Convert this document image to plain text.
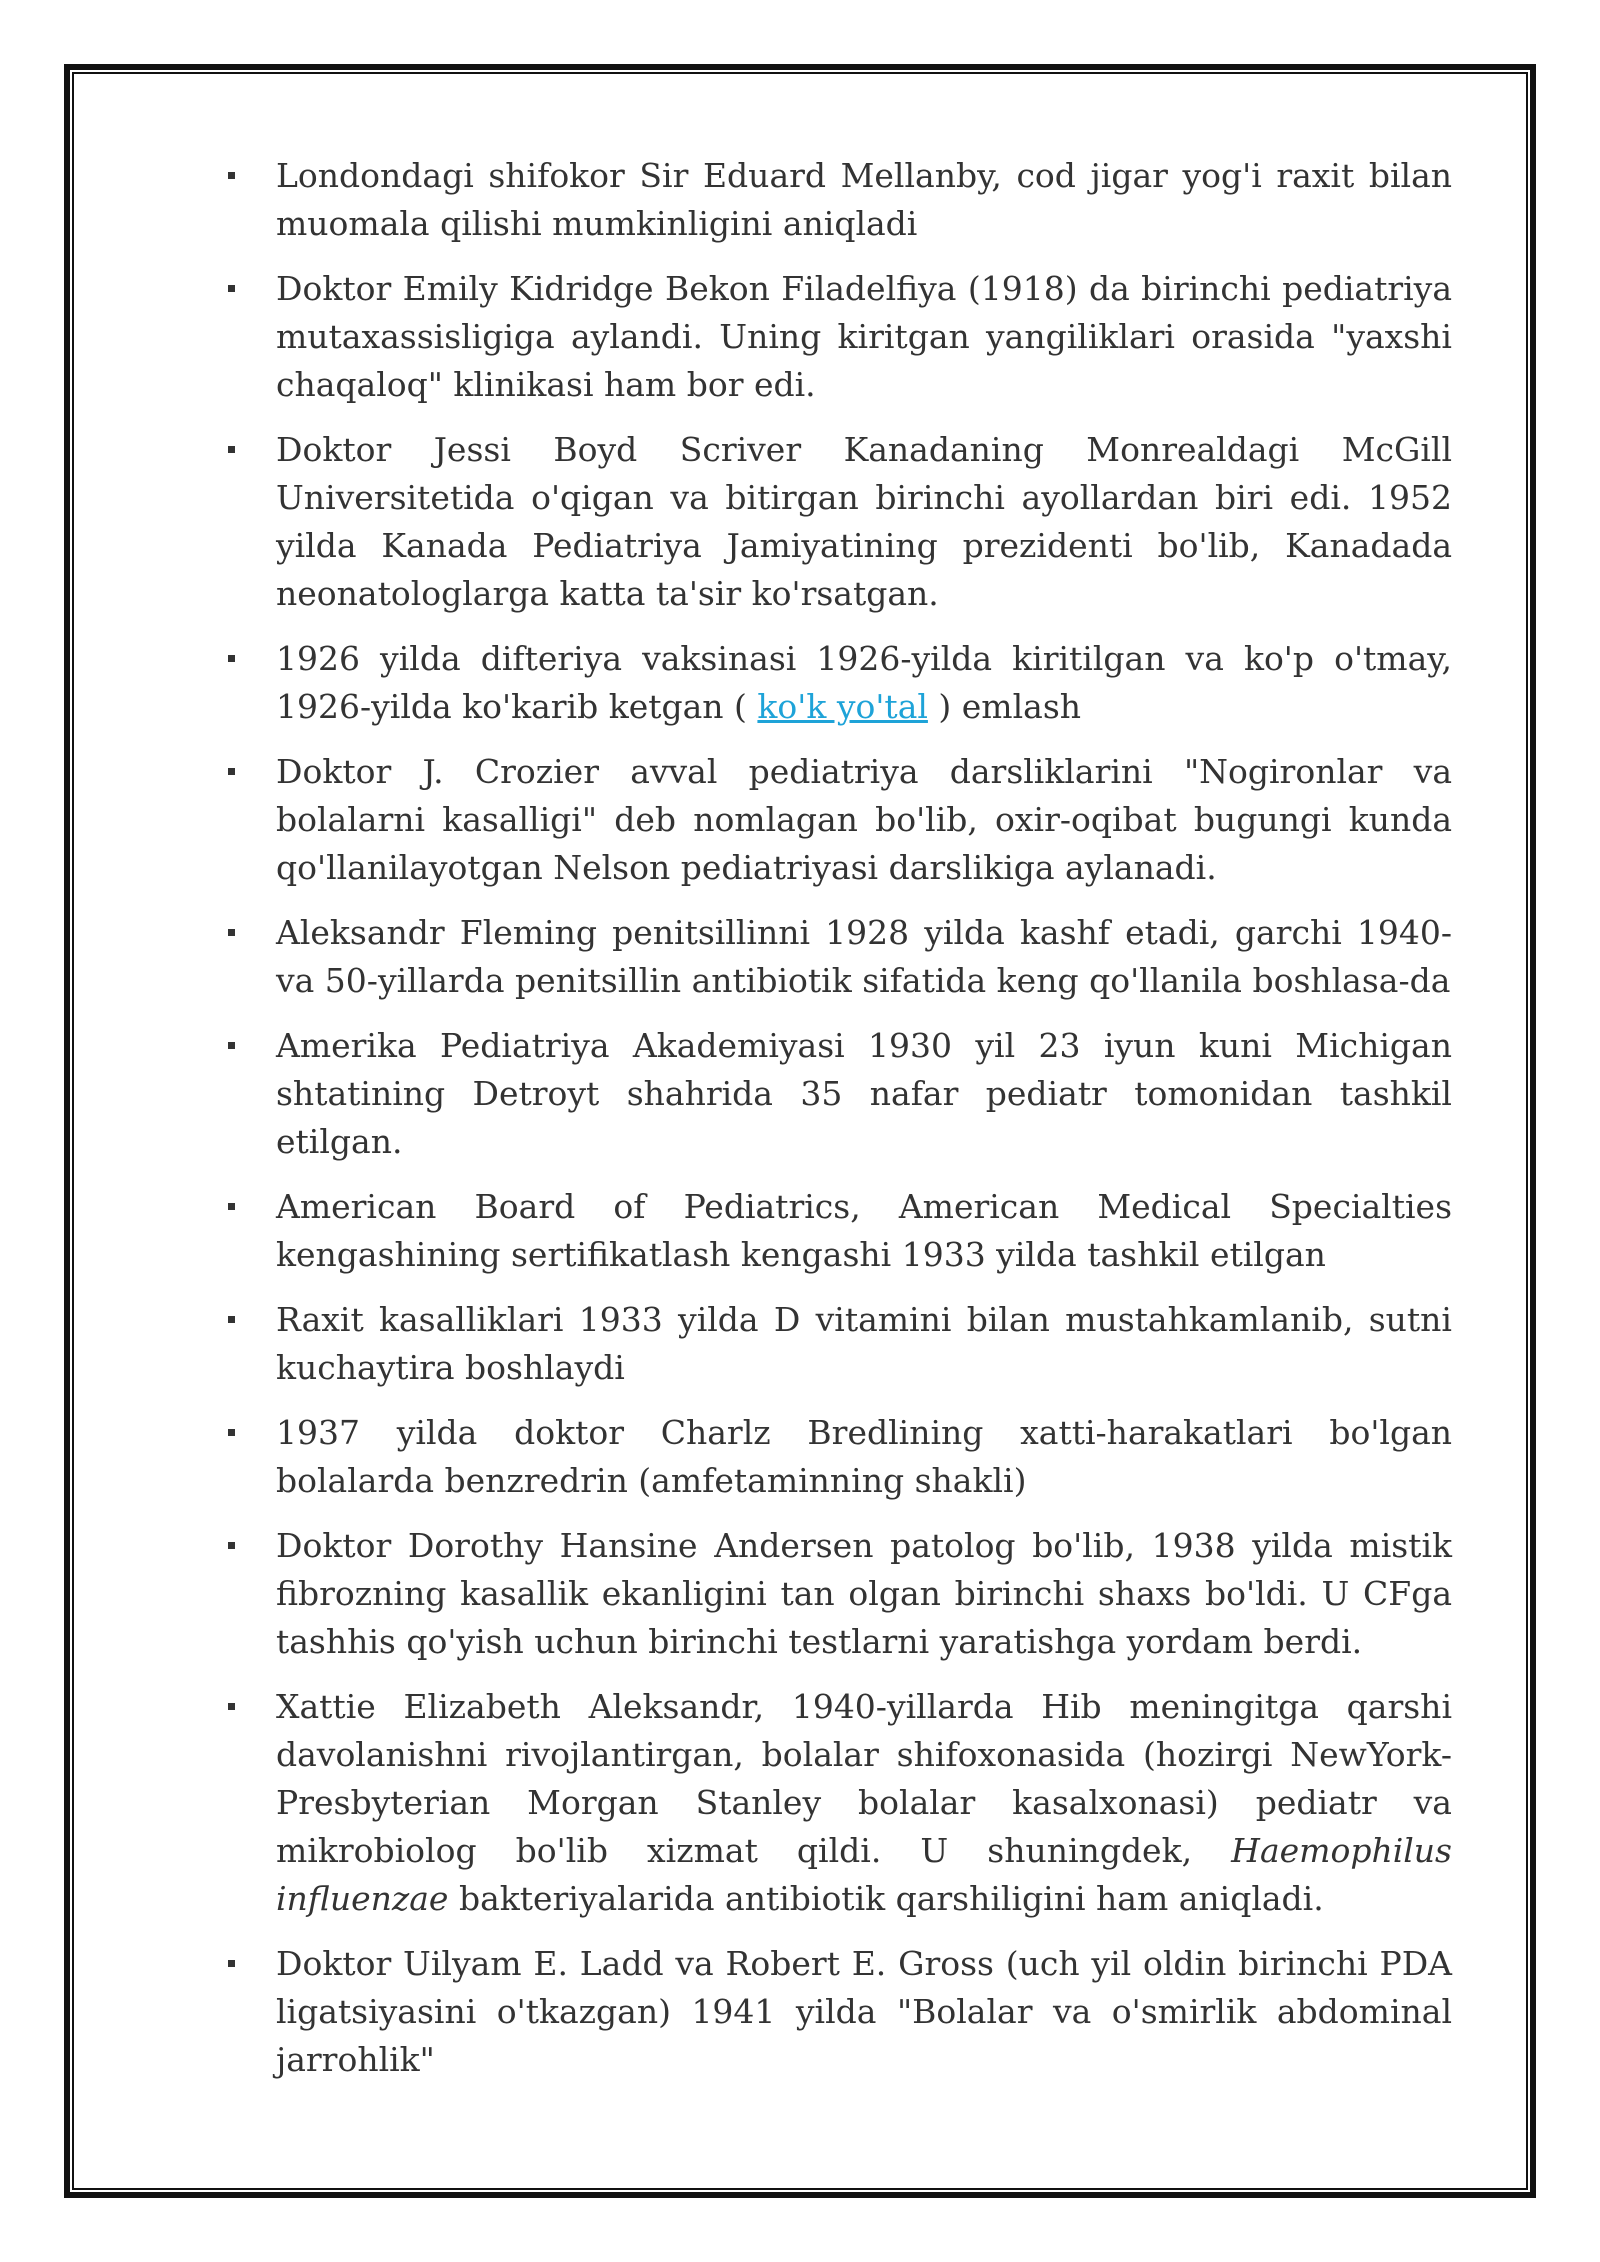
Londondagi shifokor Sir Eduard Mellanby, cod jigar yog'i raxit bilan muomala qilishi mumkinligini aniqladi
Doktor Emily Kidridge Bekon Filadelfiya (1918) da birinchi pediatriya mutaxassisligiga aylandi. Uning kiritgan yangiliklari orasida "yaxshi chaqaloq" klinikasi ham bor edi.
Doktor Jessi Boyd Scriver Kanadaning Monrealdagi McGill Universitetida o'qigan va bitirgan birinchi ayollardan biri edi. 1952 yilda Kanada Pediatriya Jamiyatining prezidenti bo'lib, Kanadada neonatologlarga katta ta'sir ko'rsatgan.
1926 yilda difteriya vaksinasi 1926-yilda kiritilgan va ko'p o'tmay, 1926-yilda ko'karib ketgan ( ko'k yo'tal ) emlash
Doktor J. Crozier avval pediatriya darsliklarini "Nogironlar va bolalarni kasalligi" deb nomlagan bo'lib, oxir-oqibat bugungi kunda qo'llanilayotgan Nelson pediatriyasi darslikiga aylanadi.
Aleksandr Fleming penitsillinni 1928 yilda kashf etadi, garchi 1940- va 50-yillarda penitsillin antibiotik sifatida keng qo'llanila boshlasa-da
Amerika Pediatriya Akademiyasi 1930 yil 23 iyun kuni Michigan shtatining Detroyt shahrida 35 nafar pediatr tomonidan tashkil etilgan.
American Board of Pediatrics, American Medical Specialties kengashining sertifikatlash kengashi 1933 yilda tashkil etilgan
Raxit kasalliklari 1933 yilda D vitamini bilan mustahkamlanib, sutni kuchaytira boshlaydi
1937 yilda doktor Charlz Bredlining xatti-harakatlari bo'lgan bolalarda benzredrin (amfetaminning shakli)
Doktor Dorothy Hansine Andersen patolog bo'lib, 1938 yilda mistik fibrozning kasallik ekanligini tan olgan birinchi shaxs bo'ldi. U CFga tashhis qo'yish uchun birinchi testlarni yaratishga yordam berdi.
Xattie Elizabeth Aleksandr, 1940-yillarda Hib meningitga qarshi davolanishni rivojlantirgan, bolalar shifoxonasida (hozirgi NewYork-Presbyterian Morgan Stanley bolalar kasalxonasi) pediatr va mikrobiolog bo'lib xizmat qildi. U shuningdek, Haemophilus influenzae bakteriyalarida antibiotik qarshiligini ham aniqladi.
Doktor Uilyam E. Ladd va Robert E. Gross (uch yil oldin birinchi PDA ligatsiyasini o'tkazgan) 1941 yilda "Bolalar va o'smirlik abdominal jarrohlik"
